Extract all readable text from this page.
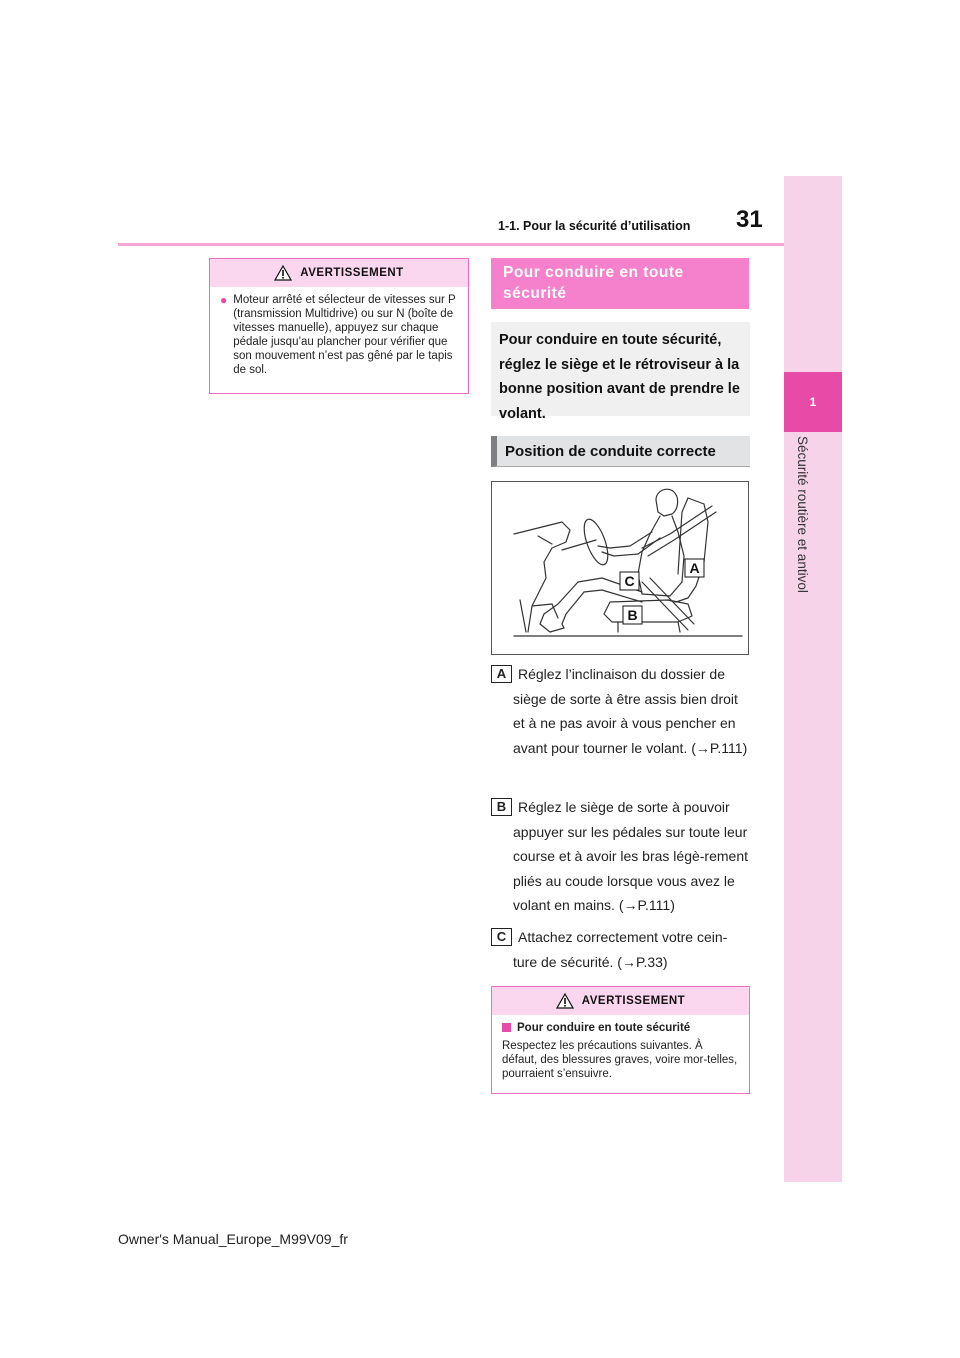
1
Sécurité routière et antivol
1-1. Pour la sécurité d’utilisation 31
AVERTISSEMENT
● Moteur arrêté et sélecteur de vitesses sur P (transmission Multidrive) ou sur N (boîte de vitesses manuelle), appuyez sur chaque pédale jusqu’au plancher pour vérifier que son mouvement n’est pas gêné par le tapis de sol.
Pour conduire en toute sécurité
Pour conduire en toute sécurité, réglez le siège et le rétroviseur à la bonne position avant de prendre le volant.
Position de conduite correcte
A
B
C
A Réglez l’inclinaison du dossier de
siège de sorte à être assis bien droit et à ne pas avoir à vous pencher en avant pour tourner le volant. (→P.111)
B Réglez le siège de sorte à pouvoir
appuyer sur les pédales sur toute leur course et à avoir les bras légè-rement pliés au coude lorsque vous avez le volant en mains. (→P.111)
C Attachez correctement votre cein-
ture de sécurité. (→P.33)
AVERTISSEMENT
Pour conduire en toute sécurité
Respectez les précautions suivantes. À défaut, des blessures graves, voire mor-telles, pourraient s’ensuivre.
Owner's Manual_Europe_M99V09_fr
